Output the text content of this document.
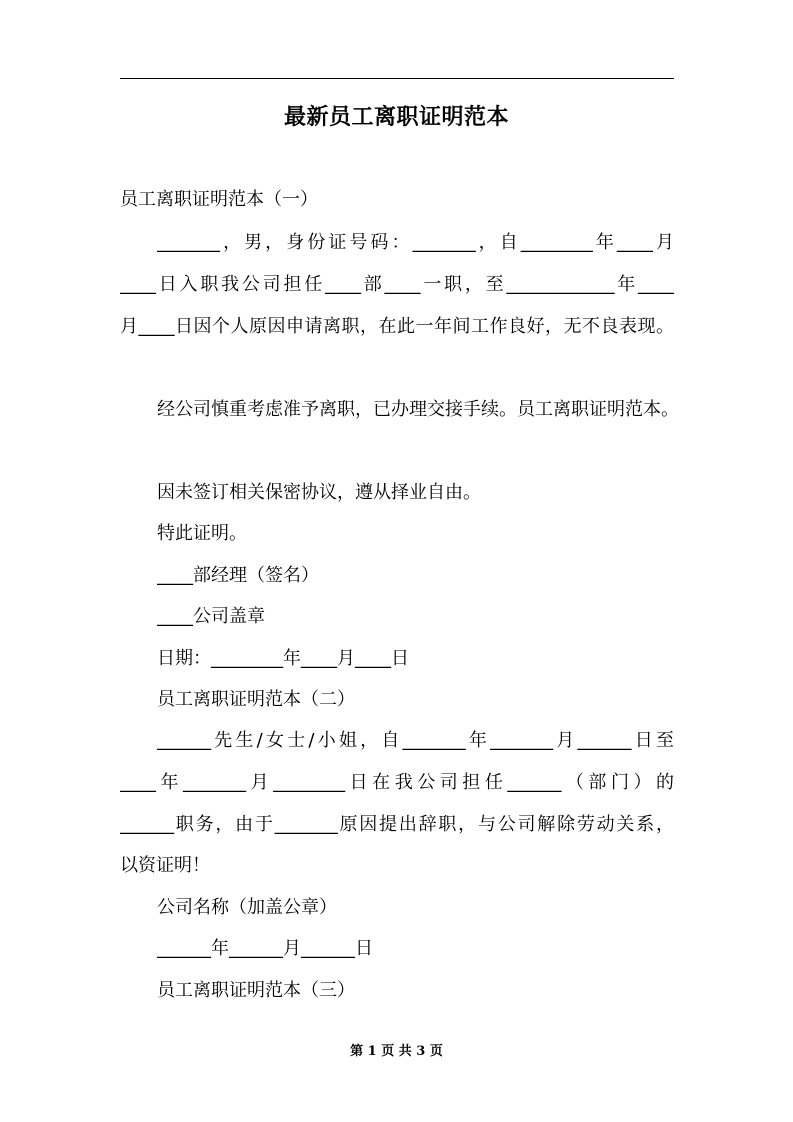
最新员工离职证明范本
员工离职证明范本（一）
_______，男，身份证号码：_______，自________年____月
____日入职我公司担任____部____一职，至____________年____
月____日因个人原因申请离职，在此一年间工作良好，无不良表现。
经公司慎重考虑准予离职，已办理交接手续。员工离职证明范本。
因未签订相关保密协议，遵从择业自由。
特此证明。
____部经理（签名）
____公司盖章
日期：________年____月____日
员工离职证明范本（二）
______先生/女士/小姐，自_______年_______月______日至
____年_______月________日在我公司担任______（部门）的
______职务，由于_______原因提出辞职，与公司解除劳动关系，
以资证明！
公司名称（加盖公章）
______年______月______日
员工离职证明范本（三）
第 1 页 共 3 页
